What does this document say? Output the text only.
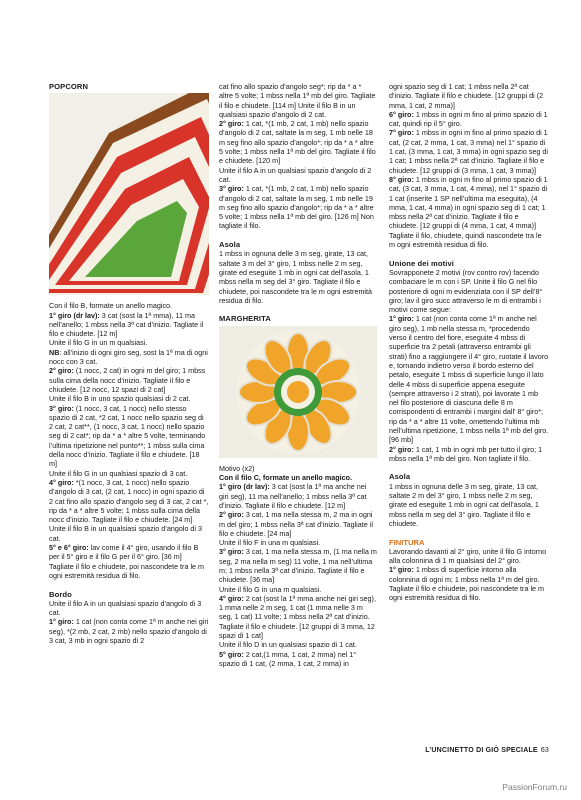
POPCORN

Con il filo B, formate un anello magico.

1° giro (dr lav): 3 cat (sost la 1ª mma), 11 ma nell’anello; 1 mbss nella 3ª cat d’inizio. Tagliate il filo e chiudete. [12 m]

Unite il filo G in un m qualsiasi.

NB: all’inizio di ogni giro seg, sost la 1ª ma di ogni nocc con 3 cat.

2° giro: (1 nocc, 2 cat) in ogni m del giro; 1 mbss sulla cima della nocc d’inizio. Tagliate il filo e chiudete. [12 nocc, 12 spazi di 2 cat]

Unite il filo B in uno spazio qualsiasi di 2 cat.

3° giro: (1 nocc, 3 cat, 1 nocc) nello stesso spazio di 2 cat, *2 cat, 1 nocc nello spazio seg di 2 cat, 2 cat**, (1 nocc, 3 cat, 1 nocc) nello spazio seg di 2 cat*; rip da * a * altre 5 volte, terminando l’ultima ripetizione nel punto**; 1 mbss sulla cima della nocc d’inizio. Tagliate il filo e chiudete. [18 m]

Unite il filo G in un qualsiasi spazio di 3 cat.

4° giro: *(1 nocc, 3 cat, 1 nocc) nello spazio d’angolo di 3 cat, (2 cat, 1 nocc) in ogni spazio di 2 cat fino allo spazio d’angolo seg di 3 cat, 2 cat *, rip da * a * altre 5 volte; 1 mbss sulla cima della nocc d’inizio. Tagliate il filo e chiudete. [24 m]

Unite il filo B in un qualsiasi spazio d’angolo di 3 cat.

5° e 6° giro: lav come il 4° giro, usando il filo B per il 5° giro e il filo G per il 6° giro. [36 m]

Tagliate il filo e chiudete, poi nascondete tra le m ogni estremità residua di filo.

Bordo

Unite il filo A in un qualsiasi spazio d’angolo di 3 cat.

1° giro: 1 cat (non conta come 1ª m anche nei giri seg), *(2 mb, 2 cat, 2 mb) nello spazio d’angolo di 3 cat, 3 mb in ogni spazio di 2

cat fino allo spazio d’angolo seg*; rip da * a * altre 5 volte; 1 mbss nella 1ª mb del giro. Tagliate il filo e chiudete. [114 m] Unite il filo B in un qualsiasi spazio d’angolo di 2 cat.

2° giro: 1 cat, *(1 mb, 2 cat, 1 mb) nello spazio d’angolo di 2 cat, saltate la m seg, 1 mb nelle 18 m seg fino allo spazio d’angolo*; rip da * a * altre 5 volte; 1 mbss nella 1ª mb del giro. Tagliate il filo e chiudete. [120 m]

Unite il filo A in un qualsiasi spazio d’angolo di 2 cat.

3° giro: 1 cat, *(1 mb, 2 cat, 1 mb) nello spazio d’angolo di 2 cat, saltate la m seg, 1 mb nelle 19 m seg fino allo spazio d’angolo*; rip da * a * altre 5 volte; 1 mbss nella 1ª mb del giro. [126 m] Non tagliate il filo.

Asola

1 mbss in ognuna delle 3 m seg, girate, 13 cat, saltate 3 m del 3° giro, 1 mbss nelle 2 m seg, girate ed eseguite 1 mb in ogni cat dell’asola, 1 mbss nella m seg del 3° giro. Tagliate il filo e chiudete, poi nascondete tra le m ogni estremità residua di filo.

MARGHERITA

Motivo (x2)

Con il filo C, formate un anello magico.

1° giro (dr lav): 3 cat (sost la 1ª ma anche nei giri seg), 11 ma nell’anello; 1 mbss nella 3ª cat d’inizio. Tagliate il filo e chiudete. [12 m]

2° giro: 3 cat, 1 ma nella stessa m, 2 ma in ogni m del giro; 1 mbss nella 3ª cat d’inizio. Tagliate il filo e chiudete. [24 ma]

Unite il filo F in una m qualsiasi.

3° giro: 3 cat, 1 ma nella stessa m, (1 ma nella m seg, 2 ma nella m seg) 11 volte, 1 ma nell’ultima m; 1 mbss nella 3ª cat d’inizio. Tagliate il filo e chiudete. [36 ma]

Unite il filo G in una m qualsiasi.

4° giro: 2 cat (sost la 1ª mma anche nei giri seg), 1 mma nelle 2 m seg, 1 cat (1 mma nelle 3 m seg, 1 cat) 11 volte; 1 mbss nella 2ª cat d’inizio. Tagliate il filo e chiudete. [12 gruppi di 3 mma, 12 spazi di 1 cat]

Unite il filo D in un qualsiasi spazio di 1 cat.

5° giro: 2 cat,(1 mma, 1 cat, 2 mma) nel 1° spazio di 1 cat, (2 mma, 1 cat, 2 mma) in

ogni spazio seg di 1 cat; 1 mbss nella 2ª cat d’inizio. Tagliate il filo e chiudete. [12 gruppi di (2 mma, 1 cat, 2 mma)]

6° giro: 1 mbss in ogni m fino al primo spazio di 1 cat, quindi rip il 5° giro.

7° giro: 1 mbss in ogni m fino al primo spazio di 1 cat, (2 cat, 2 mma, 1 cat, 3 mma) nel 1° spazio di 1 cat, (3 mma, 1 cat, 3 mma) in ogni spazio seg di 1 cat; 1 mbss nella 2ª cat d’inizio. Tagliate il filo e chiudete. [12 gruppi di (3 mma, 1 cat, 3 mma)]

8° giro: 1 mbss in ogni m fino al primo spazio di 1 cat, (3 cat, 3 mma, 1 cat, 4 mma), nel 1° spazio di 1 cat (inserite 1 SP nell’ultima ma eseguita), (4 mma, 1 cat, 4 mma) in ogni spazio seg di 1 cat; 1 mbss nella 2ª cat d’inizio. Tagliate il filo e chiudete. [12 gruppi di (4 mma, 1 cat, 4 mma)]

Tagliate il filo, chiudete, quindi nascondete tra le m ogni estremità residua di filo.

Unione dei motivi

Sovrapponete 2 motivi (rov contro rov) facendo combaciare le m con i SP. Unite il filo G nel filo posteriore di ogni m evidenziata con il SP dell’8° giro; lav il giro succ attraverso le m di entrambi i motivi come segue:

1° giro: 1 cat (non conta come 1ª m anche nel giro seg), 1 mb nella stessa m, *procedendo verso il centro del fiore, eseguite 4 mbss di superficie tra 2 petali (attraverso entrambi gli strati) fino a raggiungere il 4° giro, ruotate il lavoro e, tornando indietro verso il bordo esterno del petalo, eseguite 1 mbss di superficie lungo il lato delle 4 mbss di superficie appena eseguite (sempre attraverso i 2 strati), poi lavorate 1 mb nel filo posteriore di ciascuna delle 8 m corrispondenti di entrambi i margini dall’ 8° giro*; rip da * a * altre 11 volte, omettendo l’ultima mb nell’ultima ripetizione, 1 mbss nella 1ª mb del giro. [96 mb]

2° giro: 1 cat, 1 mb in ogni mb per tutto il giro; 1 mbss nella 1ª mb del giro. Non tagliate il filo.

Asola

1 mbss in ognuna delle 3 m seg, girate, 13 cat, saltate 2 m del 3° giro, 1 mbss nelle 2 m seg, girate ed eseguite 1 mb in ogni cat dell’asola, 1 mbss nella m seg del 3° giro. Tagliate il filo e chiudete.

FINITURA

Lavorando davanti al 2° giro, unite il filo G intorno alla colonnina di 1 m qualsiasi del 2° giro.

1° giro: 1 mbss di superficie intorno alla colonnina di ogni m; 1 mbss nella 1ª m del giro. Tagliate il filo e chiudete, poi nascondete tra le m ogni estremità residua di filo.

L’UNCINETTO DI GIÒ SPECIALE 63
PassionForum.ru
